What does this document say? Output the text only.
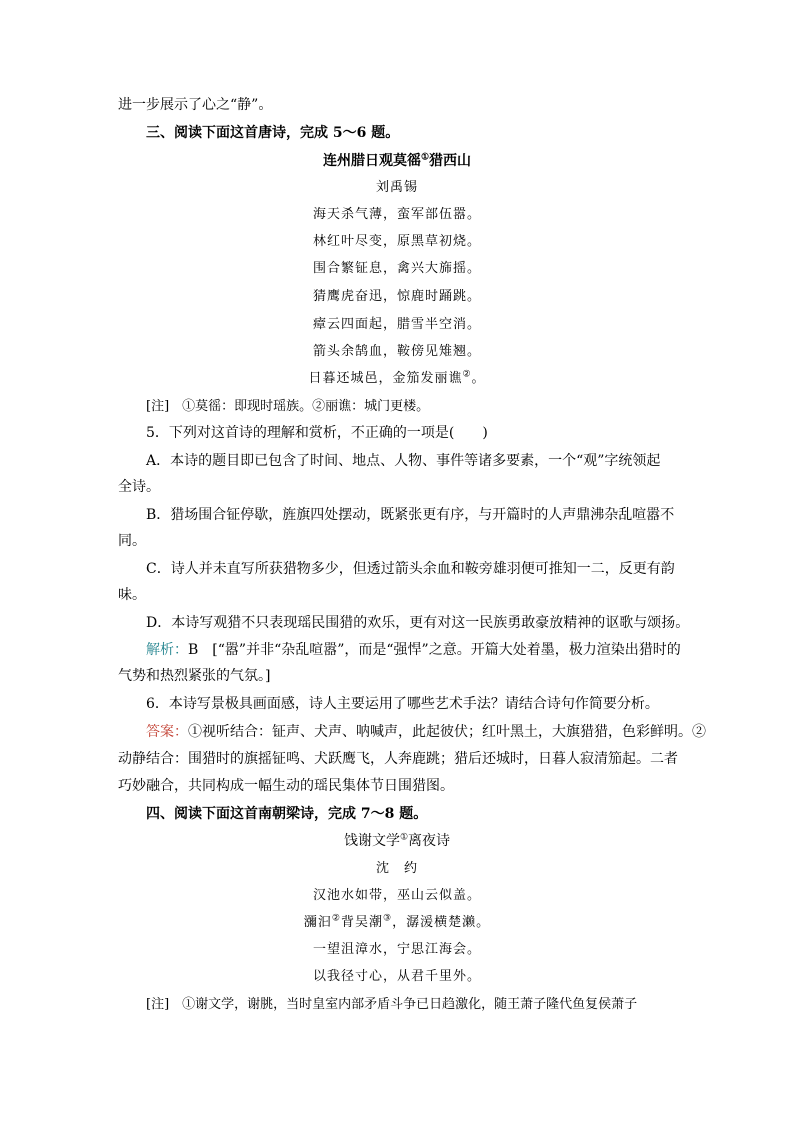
进一步展示了心之“静”。
三、阅读下面这首唐诗，完成 5～6 题。
连州腊日观莫徭①猎西山
刘禹锡
海天杀气薄，蛮军部伍嚣。
林红叶尽变，原黑草初烧。
围合繁钲息，禽兴大旆摇。
猜鹰虎奋迅，惊鹿时踊跳。
瘴云四面起，腊雪半空消。
箭头余鹄血，鞍傍见雉翘。
日暮还城邑，金笳发丽谯②。
[注]　①莫徭：即现时瑶族。②丽谯：城门更楼。
5．下列对这首诗的理解和赏析，不正确的一项是(　　)
A．本诗的题目即已包含了时间、地点、人物、事件等诸多要素，一个“观”字统领起
全诗。
B．猎场围合钲停歇，旌旗四处摆动，既紧张更有序，与开篇时的人声鼎沸杂乱喧嚣不
同。
C．诗人并未直写所获猎物多少，但透过箭头余血和鞍旁雄羽便可推知一二，反更有韵
味。
D．本诗写观猎不只表现瑶民围猎的欢乐，更有对这一民族勇敢豪放精神的讴歌与颂扬。
解析：B　[“嚣”并非“杂乱喧嚣”，而是“强悍”之意。开篇大处着墨，极力渲染出猎时的
气势和热烈紧张的气氛。]
6．本诗写景极具画面感，诗人主要运用了哪些艺术手法？请结合诗句作简要分析。
答案：①视听结合：钲声、犬声、呐喊声，此起彼伏；红叶黑土，大旗猎猎，色彩鲜明。②
动静结合：围猎时的旗摇钲鸣、犬跃鹰飞，人奔鹿跳；猎后还城时，日暮人寂清笳起。二者
巧妙融合，共同构成一幅生动的瑶民集体节日围猎图。
四、阅读下面这首南朝梁诗，完成 7～8 题。
饯谢文学①离夜诗
沈　约
汉池水如带，巫山云似盖。
瀰汩②背吴潮③，潺湲横楚濑。
一望沮漳水，宁思江海会。
以我径寸心，从君千里外。
[注]　①谢文学，谢朓，当时皇室内部矛盾斗争已日趋激化，随王萧子隆代鱼复侯萧子
